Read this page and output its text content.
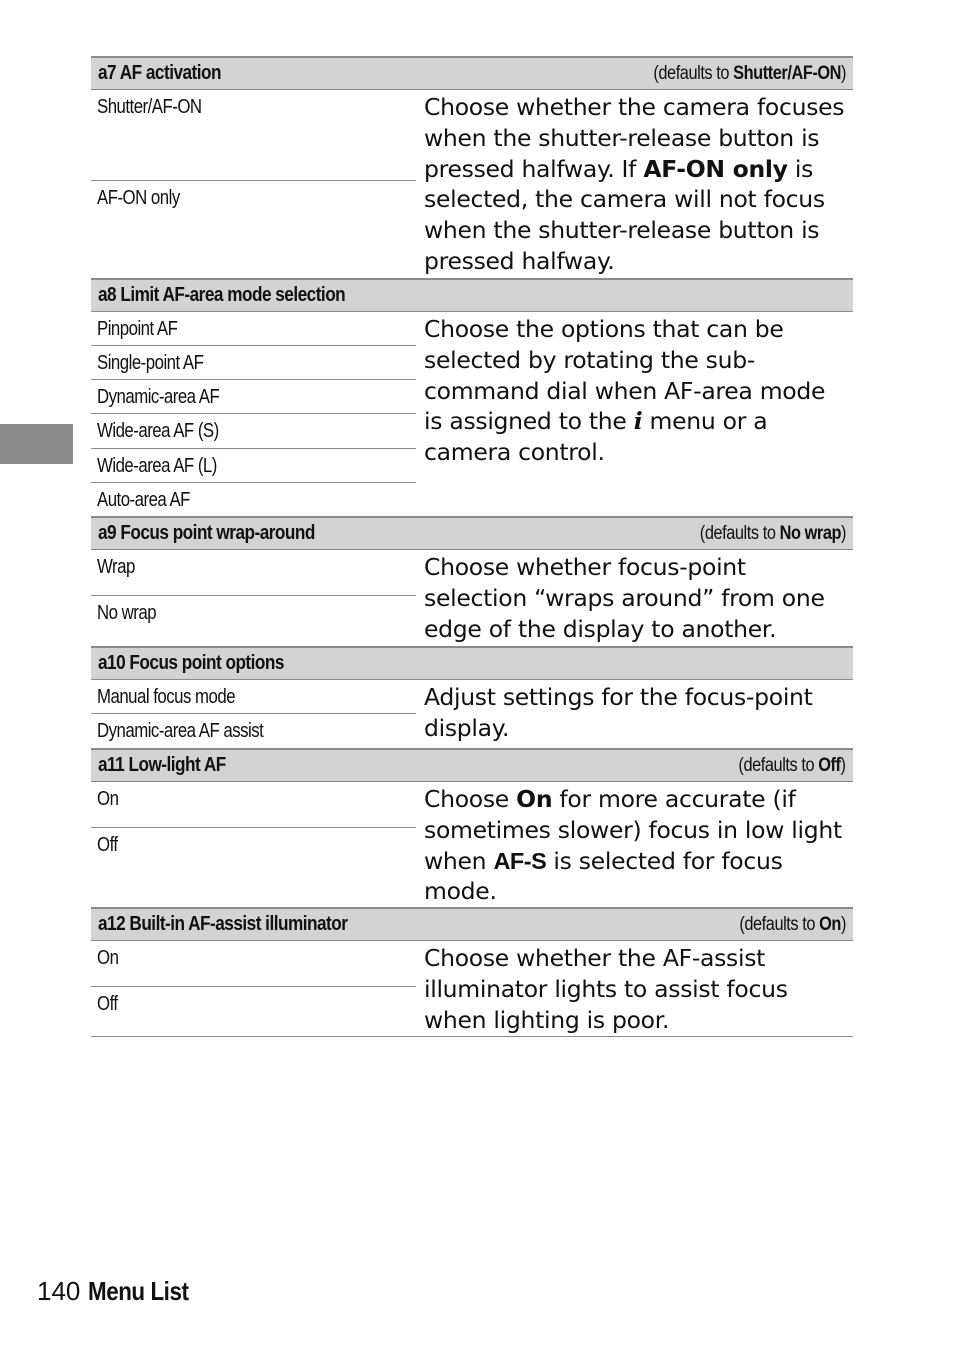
a7 AF activation	(defaults to Shutter/AF-ON)
Shutter/AF-ON
AF-ON only
Choose whether the camera focuses when the shutter-release button is pressed halfway. If AF-ON only is selected, the camera will not focus when the shutter-release button is pressed halfway.
a8 Limit AF-area mode selection
Pinpoint AF
Single-point AF
Dynamic-area AF
Wide-area AF (S)
Wide-area AF (L)
Auto-area AF
Choose the options that can be selected by rotating the sub-command dial when AF-area mode is assigned to the i menu or a camera control.
a9 Focus point wrap-around	(defaults to No wrap)
Wrap
No wrap
Choose whether focus-point selection “wraps around” from one edge of the display to another.
a10 Focus point options
Manual focus mode
Dynamic-area AF assist
Adjust settings for the focus-point display.
a11 Low-light AF	(defaults to Off)
On
Off
Choose On for more accurate (if sometimes slower) focus in low light when AF-S is selected for focus mode.
a12 Built-in AF-assist illuminator	(defaults to On)
On
Off
Choose whether the AF-assist illuminator lights to assist focus when lighting is poor.
140 Menu List
